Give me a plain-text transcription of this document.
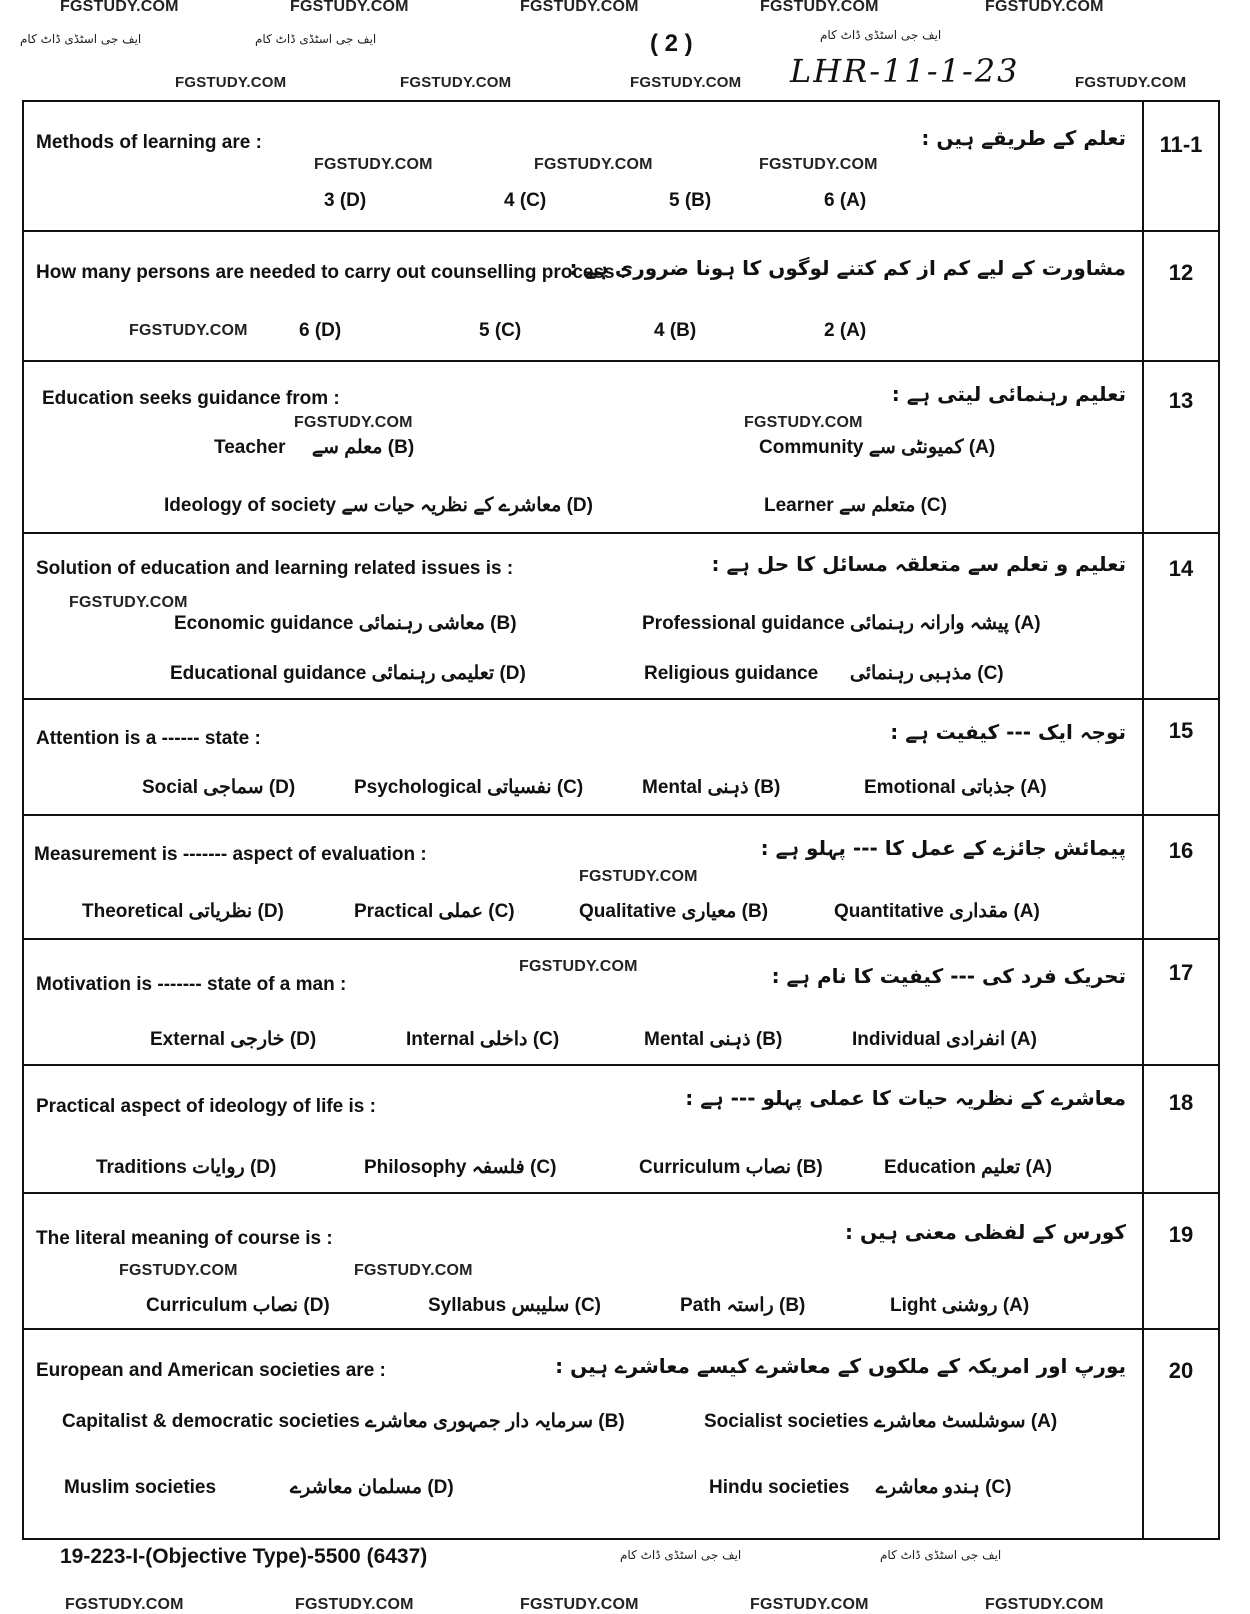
FGSTUDY.COM	FGSTUDY.COM	FGSTUDY.COM	FGSTUDY.COM	FGSTUDY.COM
ایف جی اسٹڈی ڈاٹ کام	ایف جی اسٹڈی ڈاٹ کام	ایف جی اسٹڈی ڈاٹ کام
( 2 )
LHR-11-1-23
FGSTUDY.COM	FGSTUDY.COM	FGSTUDY.COM	FGSTUDY.COM
11-1
Methods of learning are :	تعلم کے طریقے ہیں :
FGSTUDY.COM	FGSTUDY.COM	FGSTUDY.COM
6 (A)
5 (B)
4 (C)
3 (D)
12
How many persons are needed to carry out counselling process :
مشاورت کے لیے کم از کم کتنے لوگوں کا ہونا ضروری ہے :
FGSTUDY.COM	2 (A)
4 (B)
5 (C)
6 (D)
13
Education seeks guidance from :	تعلیم رہنمائی لیتی ہے :
FGSTUDY.COM	FGSTUDY.COM
Community کمیونٹی سے (A)
Teacher معلم سے (B)
Learner متعلم سے (C)
Ideology of society معاشرے کے نظریہ حیات سے (D)
14
Solution of education and learning related issues is :	تعلیم و تعلم سے متعلقہ مسائل کا حل ہے :
FGSTUDY.COM
Professional guidance پیشہ وارانہ رہنمائی (A)
Economic guidance معاشی رہنمائی (B)
Religious guidance مذہبی رہنمائی (C)
Educational guidance تعلیمی رہنمائی (D)
15
Attention is a ------ state :	توجہ ایک --- کیفیت ہے :
Emotional جذباتی (A)
Mental ذہنی (B)
Psychological نفسیاتی (C)
Social سماجی (D)
16
Measurement is ------- aspect of evaluation :	پیمائش جائزے کے عمل کا --- پہلو ہے :
FGSTUDY.COM
Quantitative مقداری (A)
Qualitative معیاری (B)
Practical عملی (C)
Theoretical نظریاتی (D)
17
Motivation is ------- state of a man :	تحریک فرد کی --- کیفیت کا نام ہے :
FGSTUDY.COM
Individual انفرادی (A)
Mental ذہنی (B)
Internal داخلی (C)
External خارجی (D)
18
Practical aspect of ideology of life is :	معاشرے کے نظریہ حیات کا عملی پہلو --- ہے :
Education تعلیم (A)
Curriculum نصاب (B)
Philosophy فلسفہ (C)
Traditions روایات (D)
19
The literal meaning of course is :	کورس کے لفظی معنی ہیں :
FGSTUDY.COM	FGSTUDY.COM
Light روشنی (A)
Path راستہ (B)
Syllabus سلیبس (C)
Curriculum نصاب (D)
20
European and American societies are :	یورپ اور امریکہ کے ملکوں کے معاشرے کیسے معاشرے ہیں :
Socialist societies سوشلسٹ معاشرے (A)
Capitalist & democratic societies سرمایہ دار جمہوری معاشرے (B)
Hindu societies ہندو معاشرے (C)
Muslim societies	مسلمان معاشرے (D)
19-223-I-(Objective Type)-5500 (6437)	ایف جی اسٹڈی ڈاٹ کام	ایف جی اسٹڈی ڈاٹ کام
FGSTUDY.COM	FGSTUDY.COM	FGSTUDY.COM	FGSTUDY.COM	FGSTUDY.COM
